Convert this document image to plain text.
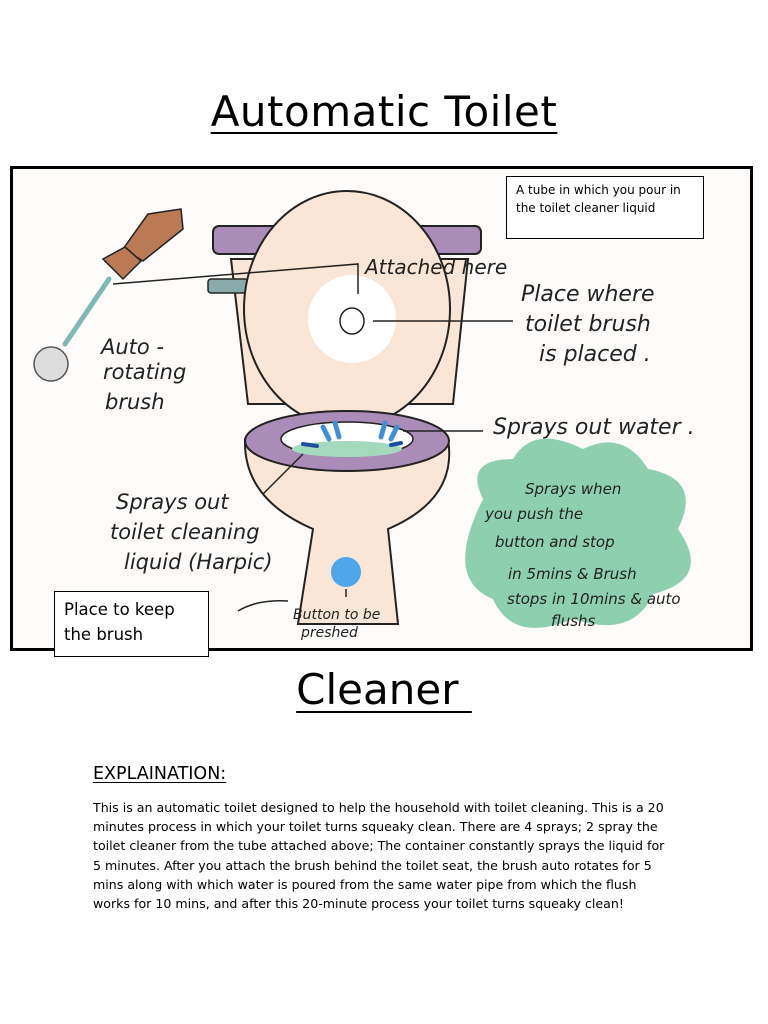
Automatic Toilet
Attached here
Place where
toilet brush
is placed .
Auto -
rotating
brush
Sprays out water .
Sprays out
toilet cleaning
liquid (Harpic)
Button to be
preshed
Sprays when
you push the
button and stop
in 5mins & Brush
stops in 10mins & auto
flushs
A tube in which you pour in the toilet cleaner liquid
Place to keep the brush
Cleaner
EXPLAINATION:
This is an automatic toilet designed to help the household with toilet cleaning. This is a 20 minutes process in which your toilet turns squeaky clean. There are 4 sprays; 2 spray the toilet cleaner from the tube attached above; The container constantly sprays the liquid for 5 minutes. After you attach the brush behind the toilet seat, the brush auto rotates for 5 mins along with which water is poured from the same water pipe from which the flush works for 10 mins, and after this 20-minute process your toilet turns squeaky clean!
